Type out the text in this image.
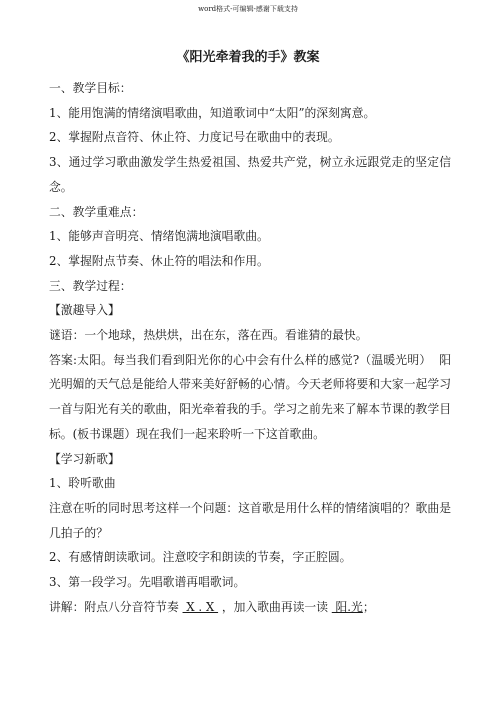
word格式-可编辑-感谢下载支持
《阳光牵着我的手》教案

一、教学目标：

1、能用饱满的情绪演唱歌曲，知道歌词中“太阳”的深刻寓意。

2、掌握附点音符、休止符、力度记号在歌曲中的表现。

3、通过学习歌曲激发学生热爱祖国、热爱共产党，树立永远跟党走的坚定信念。

二、教学重难点：

1、能够声音明亮、情绪饱满地演唱歌曲。

2、掌握附点节奏、休止符的唱法和作用。

三、教学过程：

【激趣导入】

谜语：一个地球，热烘烘，出在东，落在西。看谁猜的最快。

答案:太阳。每当我们看到阳光你的心中会有什么样的感觉?（温暖光明）  阳光明媚的天气总是能给人带来美好舒畅的心情。今天老师将要和大家一起学习一首与阳光有关的歌曲，阳光牵着我的手。学习之前先来了解本节课的教学目标。(板书课题）现在我们一起来聆听一下这首歌曲。

【学习新歌】

1、聆听歌曲

注意在听的同时思考这样一个问题：这首歌是用什么样的情绪演唱的？歌曲是几拍子的？

2、有感情朗读歌词。注意咬字和朗读的节奏，字正腔圆。

3、第一段学习。先唱歌谱再唱歌词。

讲解：附点八分音符节奏  X . X  ，加入歌曲再读一读  阳.光；
